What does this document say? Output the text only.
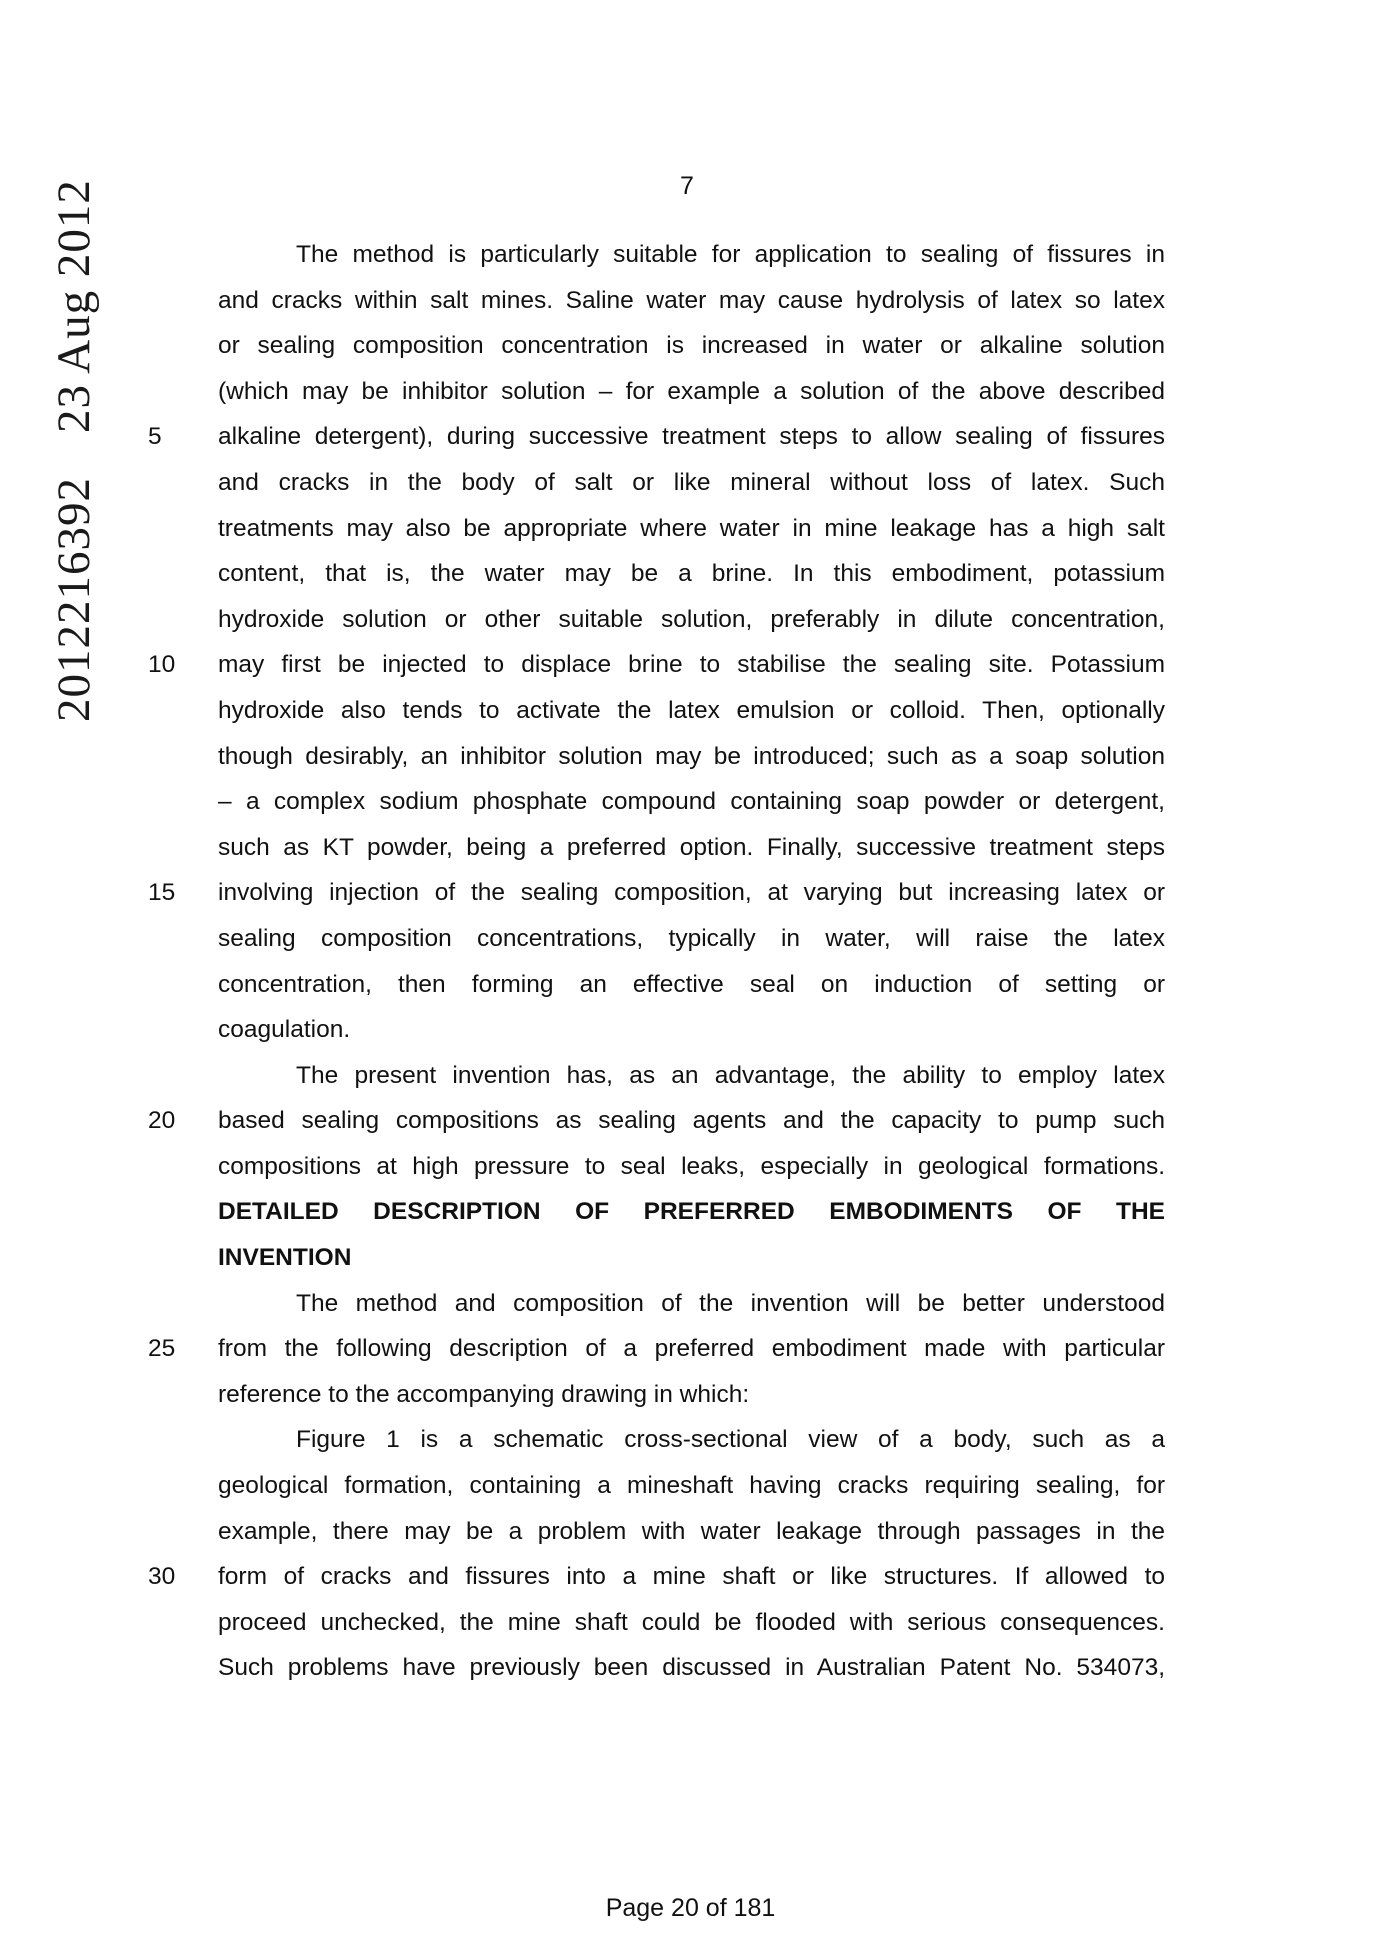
201221639223 Aug 2012	7
The method is particularly suitable for application to sealing of fissures in
and cracks within salt mines. Saline water may cause hydrolysis of latex so latex
or sealing composition concentration is increased in water or alkaline solution
(which may be inhibitor solution – for example a solution of the above described
5	alkaline detergent), during successive treatment steps to allow sealing of fissures
and cracks in the body of salt or like mineral without loss of latex. Such
treatments may also be appropriate where water in mine leakage has a high salt
content, that is, the water may be a brine. In this embodiment, potassium
hydroxide solution or other suitable solution, preferably in dilute concentration,
10	may first be injected to displace brine to stabilise the sealing site. Potassium
hydroxide also tends to activate the latex emulsion or colloid. Then, optionally
though desirably, an inhibitor solution may be introduced; such as a soap solution
– a complex sodium phosphate compound containing soap powder or detergent,
such as KT powder, being a preferred option. Finally, successive treatment steps
15	involving injection of the sealing composition, at varying but increasing latex or
sealing composition concentrations, typically in water, will raise the latex
concentration, then forming an effective seal on induction of setting or
coagulation.
The present invention has, as an advantage, the ability to employ latex
20	based sealing compositions as sealing agents and the capacity to pump such
compositions at high pressure to seal leaks, especially in geological formations.
DETAILED DESCRIPTION OF PREFERRED EMBODIMENTS OF THE
INVENTION
The method and composition of the invention will be better understood
25	from the following description of a preferred embodiment made with particular
reference to the accompanying drawing in which:
Figure 1 is a schematic cross-sectional view of a body, such as a
geological formation, containing a mineshaft having cracks requiring sealing, for
example, there may be a problem with water leakage through passages in the
30	form of cracks and fissures into a mine shaft or like structures. If allowed to
proceed unchecked, the mine shaft could be flooded with serious consequences.
Such problems have previously been discussed in Australian Patent No. 534073,
Page 20 of 181
